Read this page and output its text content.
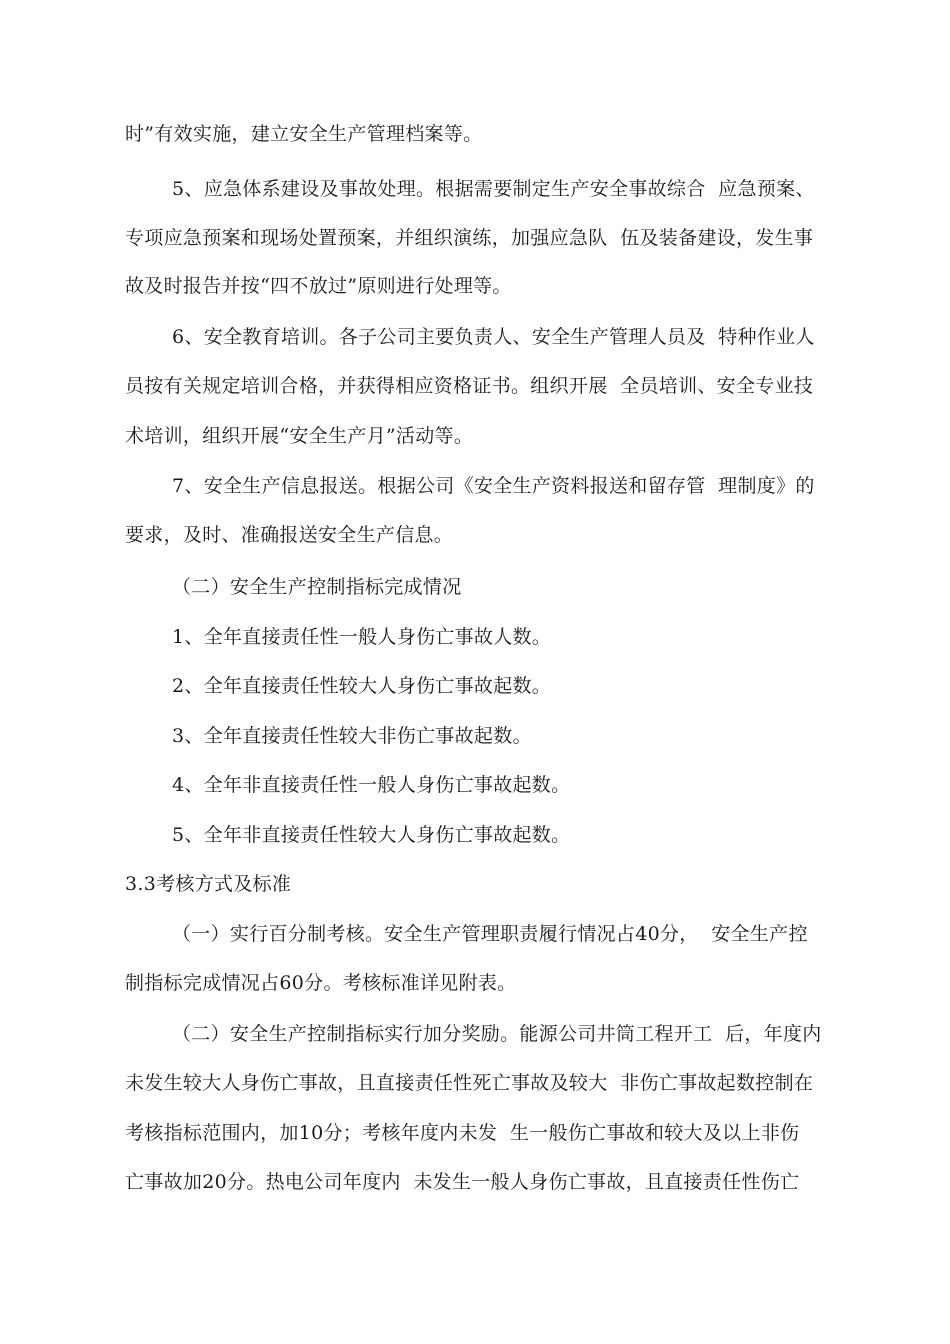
时”有效实施，建立安全生产管理档案等。
5、应急体系建设及事故处理。根据需要制定生产安全事故综合  应急预案、
专项应急预案和现场处置预案，并组织演练，加强应急队  伍及装备建设，发生事
故及时报告并按“四不放过”原则进行处理等。
6、安全教育培训。各子公司主要负责人、安全生产管理人员及  特种作业人
员按有关规定培训合格，并获得相应资格证书。组织开展  全员培训、安全专业技
术培训，组织开展“安全生产月”活动等。
7、安全生产信息报送。根据公司《安全生产资料报送和留存管  理制度》的
要求，及时、准确报送安全生产信息。
（二）安全生产控制指标完成情况
1、全年直接责任性一般人身伤亡事故人数。
2、全年直接责任性较大人身伤亡事故起数。
3、全年直接责任性较大非伤亡事故起数。
4、全年非直接责任性一般人身伤亡事故起数。
5、全年非直接责任性较大人身伤亡事故起数。
3.3考核方式及标准
（一）实行百分制考核。安全生产管理职责履行情况占40分，  安全生产控
制指标完成情况占60分。考核标准详见附表。
（二）安全生产控制指标实行加分奖励。能源公司井筒工程开工  后，年度内
未发生较大人身伤亡事故，且直接责任性死亡事故及较大  非伤亡事故起数控制在
考核指标范围内，加10分；考核年度内未发  生一般伤亡事故和较大及以上非伤
亡事故加20分。热电公司年度内  未发生一般人身伤亡事故，且直接责任性伤亡
